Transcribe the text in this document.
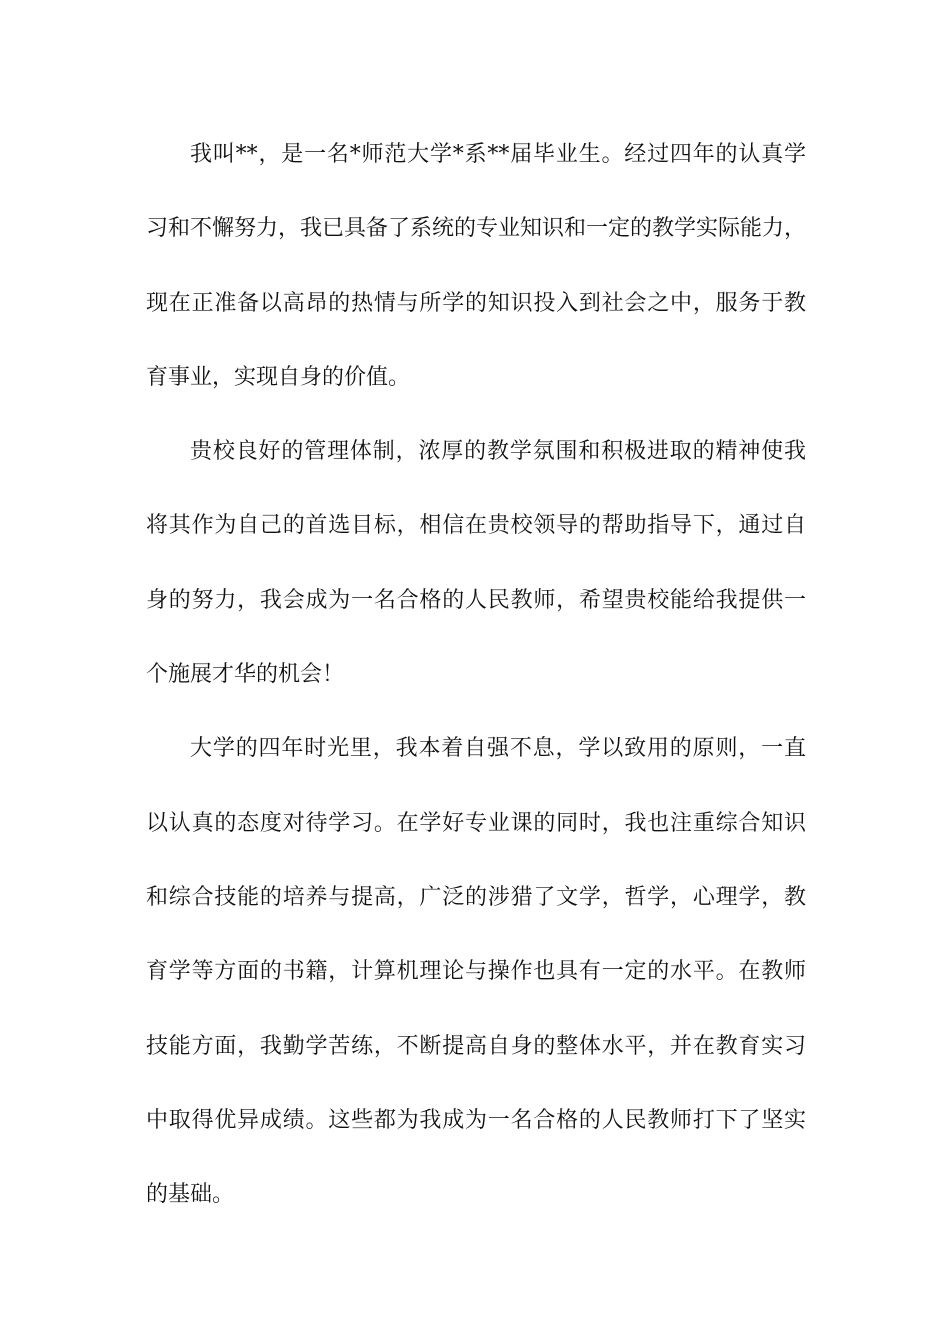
我叫**，是一名*师范大学*系**届毕业生。经过四年的认真学
习和不懈努力，我已具备了系统的专业知识和一定的教学实际能力，
现在正准备以高昂的热情与所学的知识投入到社会之中，服务于教
育事业，实现自身的价值。
贵校良好的管理体制，浓厚的教学氛围和积极进取的精神使我
将其作为自己的首选目标，相信在贵校领导的帮助指导下，通过自
身的努力，我会成为一名合格的人民教师，希望贵校能给我提供一
个施展才华的机会！
大学的四年时光里，我本着自强不息，学以致用的原则，一直
以认真的态度对待学习。在学好专业课的同时，我也注重综合知识
和综合技能的培养与提高，广泛的涉猎了文学，哲学，心理学，教
育学等方面的书籍，计算机理论与操作也具有一定的水平。在教师
技能方面，我勤学苦练，不断提高自身的整体水平，并在教育实习
中取得优异成绩。这些都为我成为一名合格的人民教师打下了坚实
的基础。
